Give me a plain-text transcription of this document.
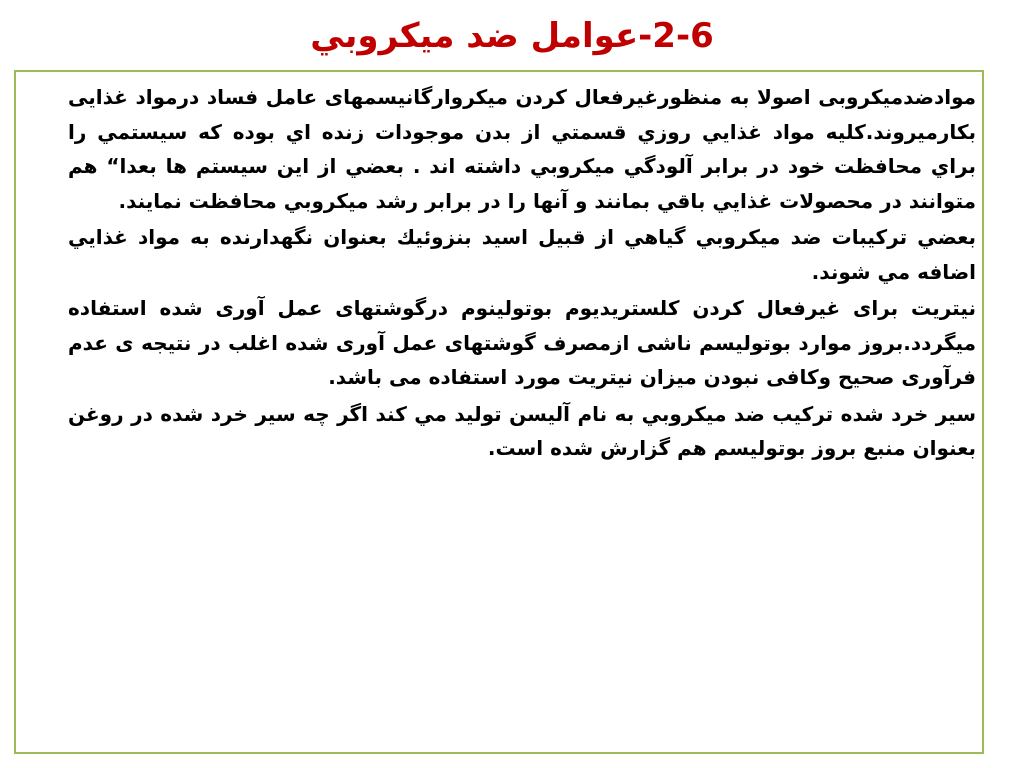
2-6-عوامل ضد ميكروبي

موادضدميكروبی اصولا به منظورغيرفعال كردن ميكروارگانيسمهای عامل فساد درمواد غذايی بكارميروند.كليه مواد غذايي روزي قسمتي از بدن موجودات زنده اي بوده كه سيستمي را براي محافظت خود در برابر آلودگي ميكروبي داشته اند . بعضي از اين سيستم ها بعدا“ هم متوانند در محصولات غذايي باقي بمانند و آنها را در برابر رشد ميكروبي محافظت نمايند.

بعضي تركيبات ضد ميكروبي گياهي از قبيل اسيد بنزوئيك بعنوان نگهدارنده به مواد غذايي اضافه مي شوند.

نيتريت برای غيرفعال كردن كلستريديوم بوتولينوم درگوشتهای عمل آوری شده استفاده ميگردد.بروز موارد بوتوليسم ناشی ازمصرف گوشتهای عمل آوری شده اغلب در نتيجه ی عدم فرآوری صحيح وكافی نبودن ميزان نيتريت مورد استفاده می باشد.

سير خرد شده تركيب ضد ميكروبي به نام آليسن توليد مي كند اگر چه سير خرد شده در روغن بعنوان منبع بروز بوتوليسم هم گزارش شده است.
